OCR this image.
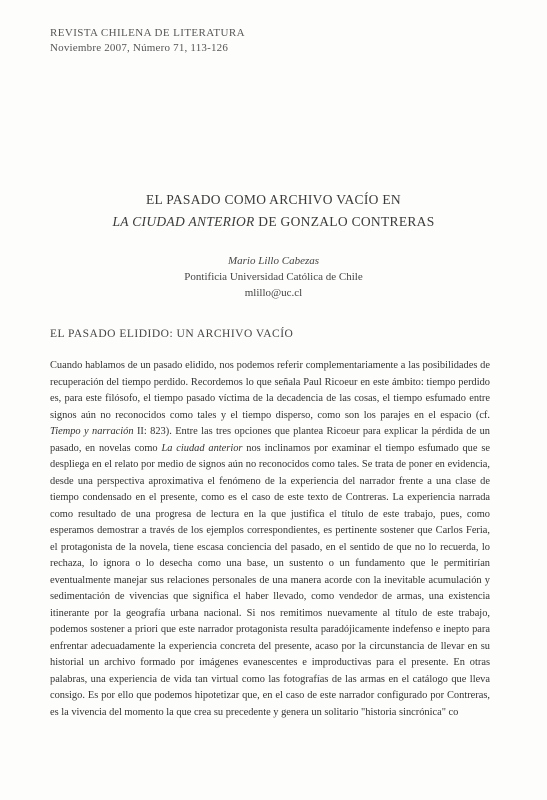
REVISTA CHILENA DE LITERATURA
Noviembre 2007, Número 71, 113-126
EL PASADO COMO ARCHIVO VACÍO EN
LA CIUDAD ANTERIOR DE GONZALO CONTRERAS
Mario Lillo Cabezas
Pontificia Universidad Católica de Chile
mlillo@uc.cl
EL PASADO ELIDIDO: UN ARCHIVO VACÍO

Cuando hablamos de un pasado elidido, nos podemos referir complementariamente a las posibilidades de recuperación del tiempo perdido. Recordemos lo que señala Paul Ricoeur en este ámbito: tiempo perdido es, para este filósofo, el tiempo pasado víctima de la decadencia de las cosas, el tiempo esfumado entre signos aún no reconocidos como tales y el tiempo disperso, como son los parajes en el espacio (cf. Tiempo y narración II: 823). Entre las tres opciones que plantea Ricoeur para explicar la pérdida de un pasado, en novelas como La ciudad anterior nos inclinamos por examinar el tiempo esfumado que se despliega en el relato por medio de signos aún no reconocidos como tales. Se trata de poner en evidencia, desde una perspectiva aproximativa el fenómeno de la experiencia del narrador frente a una clase de tiempo condensado en el presente, como es el caso de este texto de Contreras. La experiencia narrada como resultado de una progresa de lectura en la que justifica el título de este trabajo, pues, como esperamos demostrar a través de los ejemplos correspondientes, es pertinente sostener que Carlos Feria, el protagonista de la novela, tiene escasa conciencia del pasado, en el sentido de que no lo recuerda, lo rechaza, lo ignora o lo desecha como una base, un sustento o un fundamento que le permitirían eventualmente manejar sus relaciones personales de una manera acorde con la inevitable acumulación y sedimentación de vivencias que significa el haber llevado, como vendedor de armas, una existencia itinerante por la geografía urbana nacional. Si nos remitimos nuevamente al título de este trabajo, podemos sostener a priori que este narrador protagonista resulta paradójicamente indefenso e inepto para enfrentar adecuadamente la experiencia concreta del presente, acaso por la circunstancia de llevar en su historial un archivo formado por imágenes evanescentes e improductivas para el presente. En otras palabras, una experiencia de vida tan virtual como las fotografías de las armas en el catálogo que lleva consigo. Es por ello que podemos hipotetizar que, en el caso de este narrador configurado por Contreras, es la vivencia del momento la que crea su precedente y genera un solitario "historia sincrónica" co
